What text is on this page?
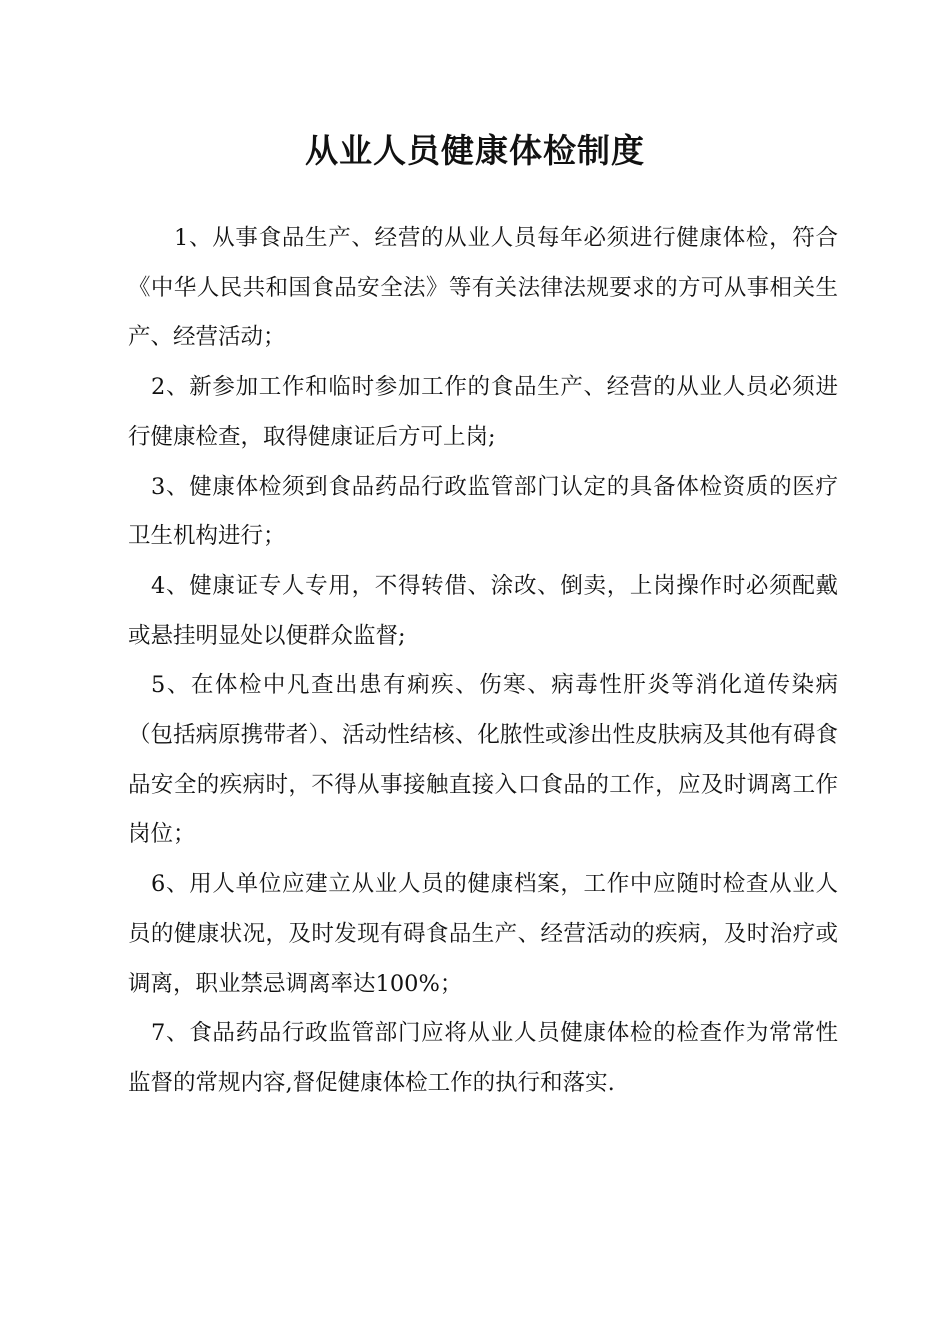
从业人员健康体检制度

1、从事食品生产、经营的从业人员每年必须进行健康体检，符合《中华人民共和国食品安全法》等有关法律法规要求的方可从事相关生产、经营活动；

2、新参加工作和临时参加工作的食品生产、经营的从业人员必须进行健康检查，取得健康证后方可上岗;

3、健康体检须到食品药品行政监管部门认定的具备体检资质的医疗卫生机构进行；

4、健康证专人专用，不得转借、涂改、倒卖，上岗操作时必须配戴或悬挂明显处以便群众监督;

5、在体检中凡查出患有痢疾、伤寒、病毒性肝炎等消化道传染病（包括病原携带者）、活动性结核、化脓性或渗出性皮肤病及其他有碍食品安全的疾病时，不得从事接触直接入口食品的工作，应及时调离工作岗位；

6、用人单位应建立从业人员的健康档案，工作中应随时检查从业人员的健康状况，及时发现有碍食品生产、经营活动的疾病，及时治疗或调离，职业禁忌调离率达100%；

7、食品药品行政监管部门应将从业人员健康体检的检查作为常常性监督的常规内容,督促健康体检工作的执行和落实.
